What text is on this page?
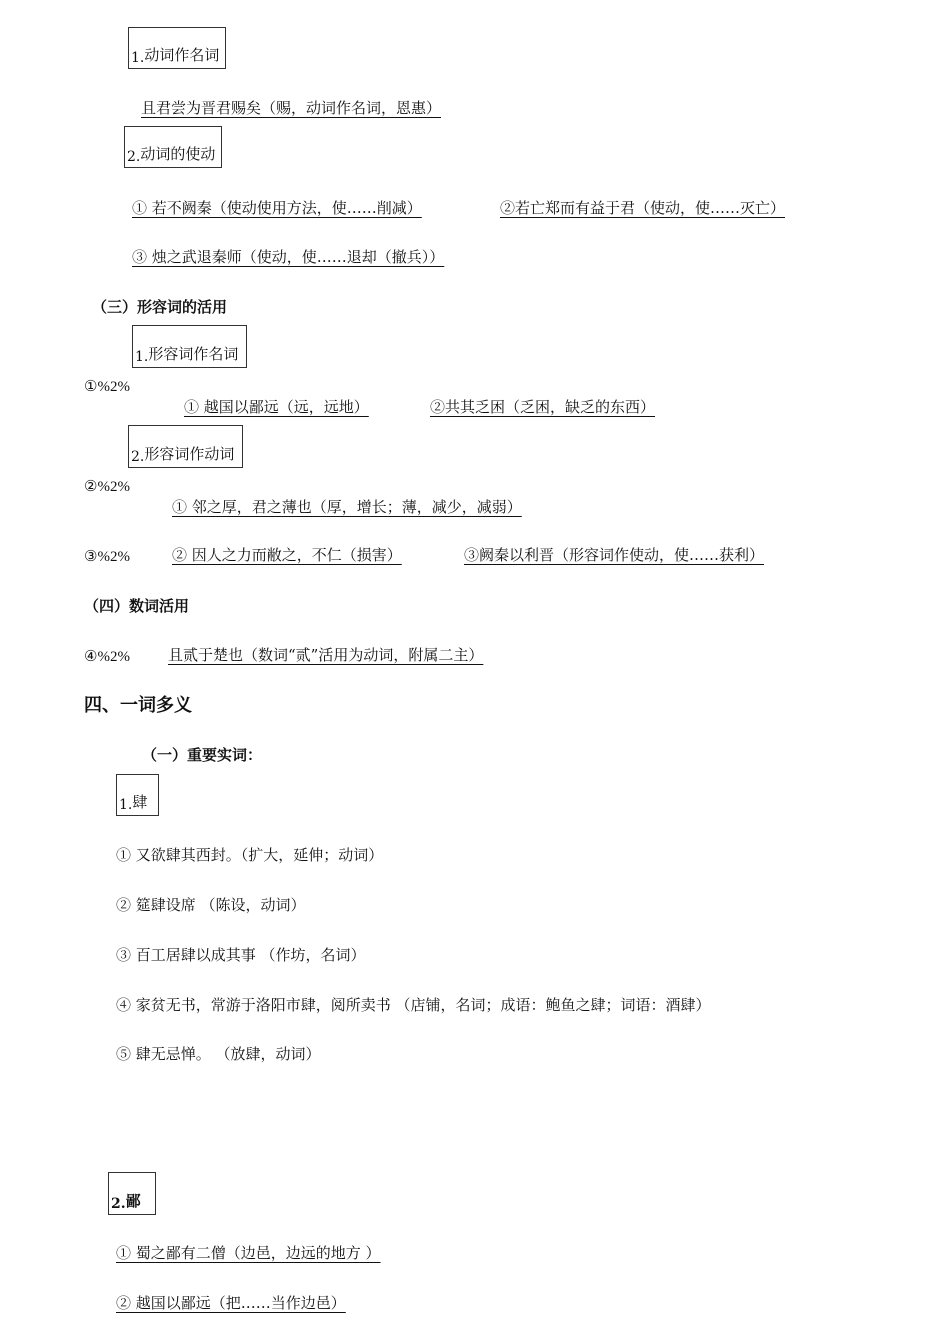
1. 动词作名词
且君尝为晋君赐矣（赐，动词作名词，恩惠）
2. 动词的使动
① 若不阙秦（使动使用方法，使……削减）	②若亡郑而有益于君（使动，使……灭亡）
③ 烛之武退秦师（使动，使……退却（撤兵））
（三）形容词的活用
1. 形容词作名词
①%2%
① 越国以鄙远（远，远地）	②共其乏困（乏困，缺乏的东西）
2. 形容词作动词
②%2%
① 邻之厚，君之薄也（厚，增长；薄，减少，减弱）
③%2%	② 因人之力而敝之，不仁（损害）	③阙秦以利晋（形容词作使动，使……获利）
（四）数词活用
④%2%	且贰于楚也（数词“贰”活用为动词，附属二主）
四、一词多义
（一）重要实词：
1. 肆
① 又欲肆其西封。（扩大，延伸；动词）
② 筵肆设席 （陈设，动词）
③ 百工居肆以成其事 （作坊，名词）
④ 家贫无书，常游于洛阳市肆，阅所卖书 （店铺，名词；成语：鲍鱼之肆；词语：酒肆）
⑤ 肆无忌惮。 （放肆，动词）
2. 鄙
① 蜀之鄙有二僧（边邑，边远的地方 ）
② 越国以鄙远（把……当作边邑）
